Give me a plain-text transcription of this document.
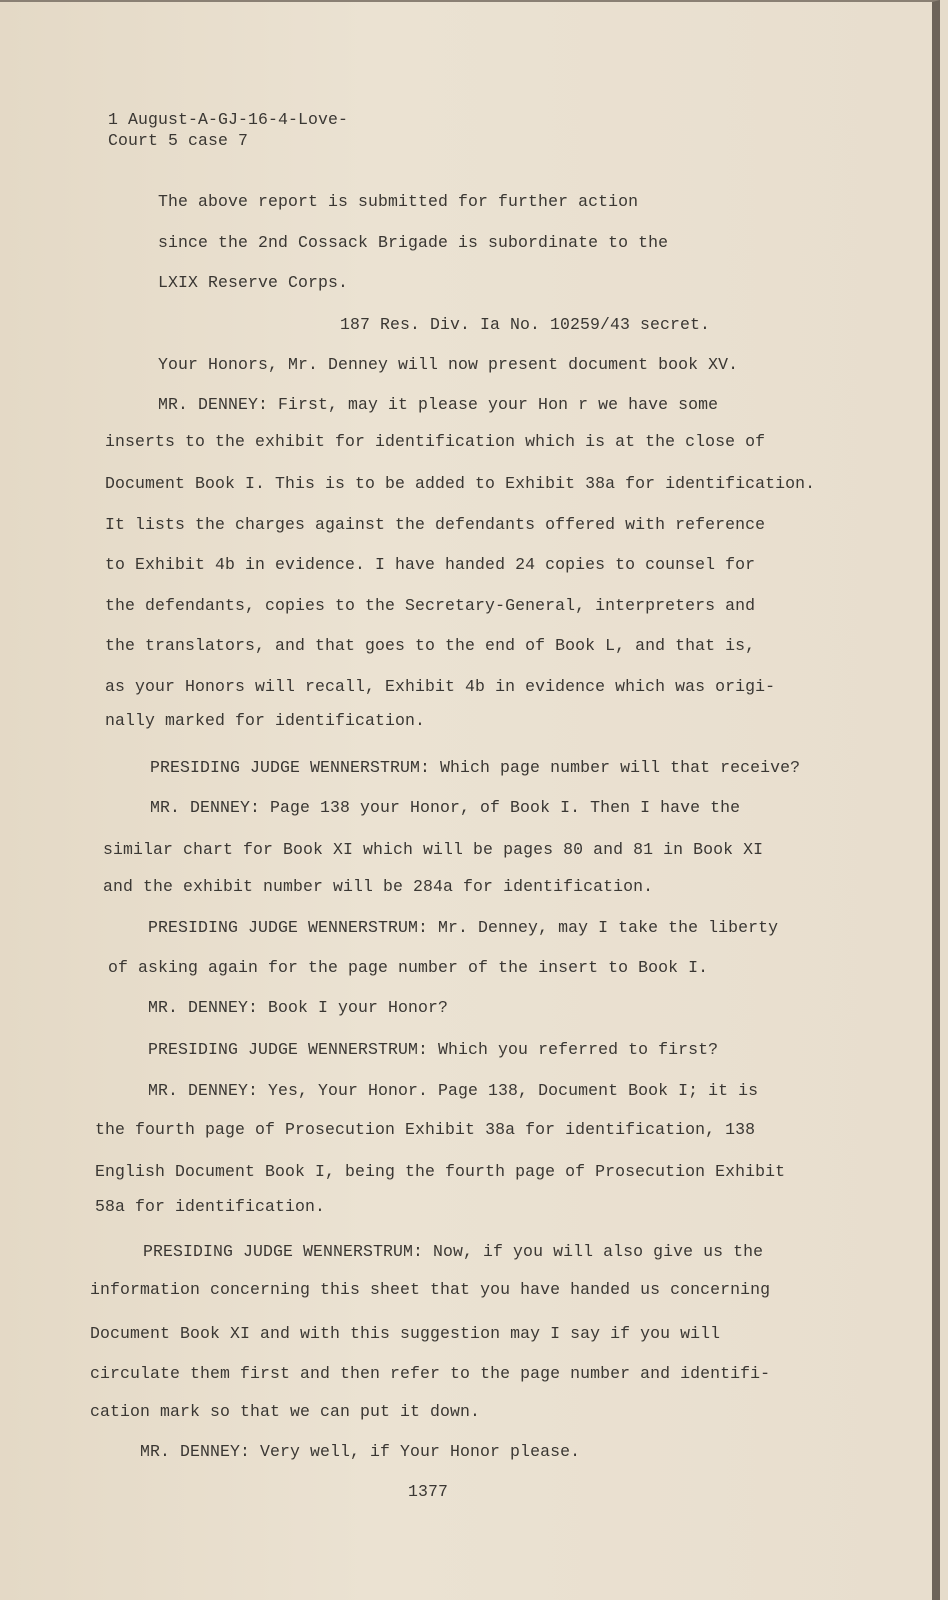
1 August-A-GJ-16-4-Love-
Court 5 case 7
The above report is submitted for further action
since the 2nd Cossack Brigade is subordinate to the
LXIX Reserve Corps.
187 Res. Div. Ia No. 10259/43 secret.
Your Honors, Mr. Denney will now present document book XV.
MR. DENNEY: First, may it please your Hon r we have some
inserts to the exhibit for identification which is at the close of
Document Book I. This is to be added to Exhibit 38a for identification.
It lists the charges against the defendants offered with reference
to Exhibit 4b in evidence. I have handed 24 copies to counsel for
the defendants, copies to the Secretary-General, interpreters and
the translators, and that goes to the end of Book L, and that is,
as your Honors will recall, Exhibit 4b in evidence which was origi-
nally marked for identification.
PRESIDING JUDGE WENNERSTRUM: Which page number will that receive?
MR. DENNEY: Page 138 your Honor, of Book I. Then I have the
similar chart for Book XI which will be pages 80 and 81 in Book XI
and the exhibit number will be 284a for identification.
PRESIDING JUDGE WENNERSTRUM: Mr. Denney, may I take the liberty
of asking again for the page number of the insert to Book I.
MR. DENNEY: Book I your Honor?
PRESIDING JUDGE WENNERSTRUM: Which you referred to first?
MR. DENNEY: Yes, Your Honor. Page 138, Document Book I; it is
the fourth page of Prosecution Exhibit 38a for identification, 138
English Document Book I, being the fourth page of Prosecution Exhibit
58a for identification.
PRESIDING JUDGE WENNERSTRUM: Now, if you will also give us the
information concerning this sheet that you have handed us concerning
Document Book XI and with this suggestion may I say if you will
circulate them first and then refer to the page number and identifi-
cation mark so that we can put it down.
MR. DENNEY: Very well, if Your Honor please.
1377
